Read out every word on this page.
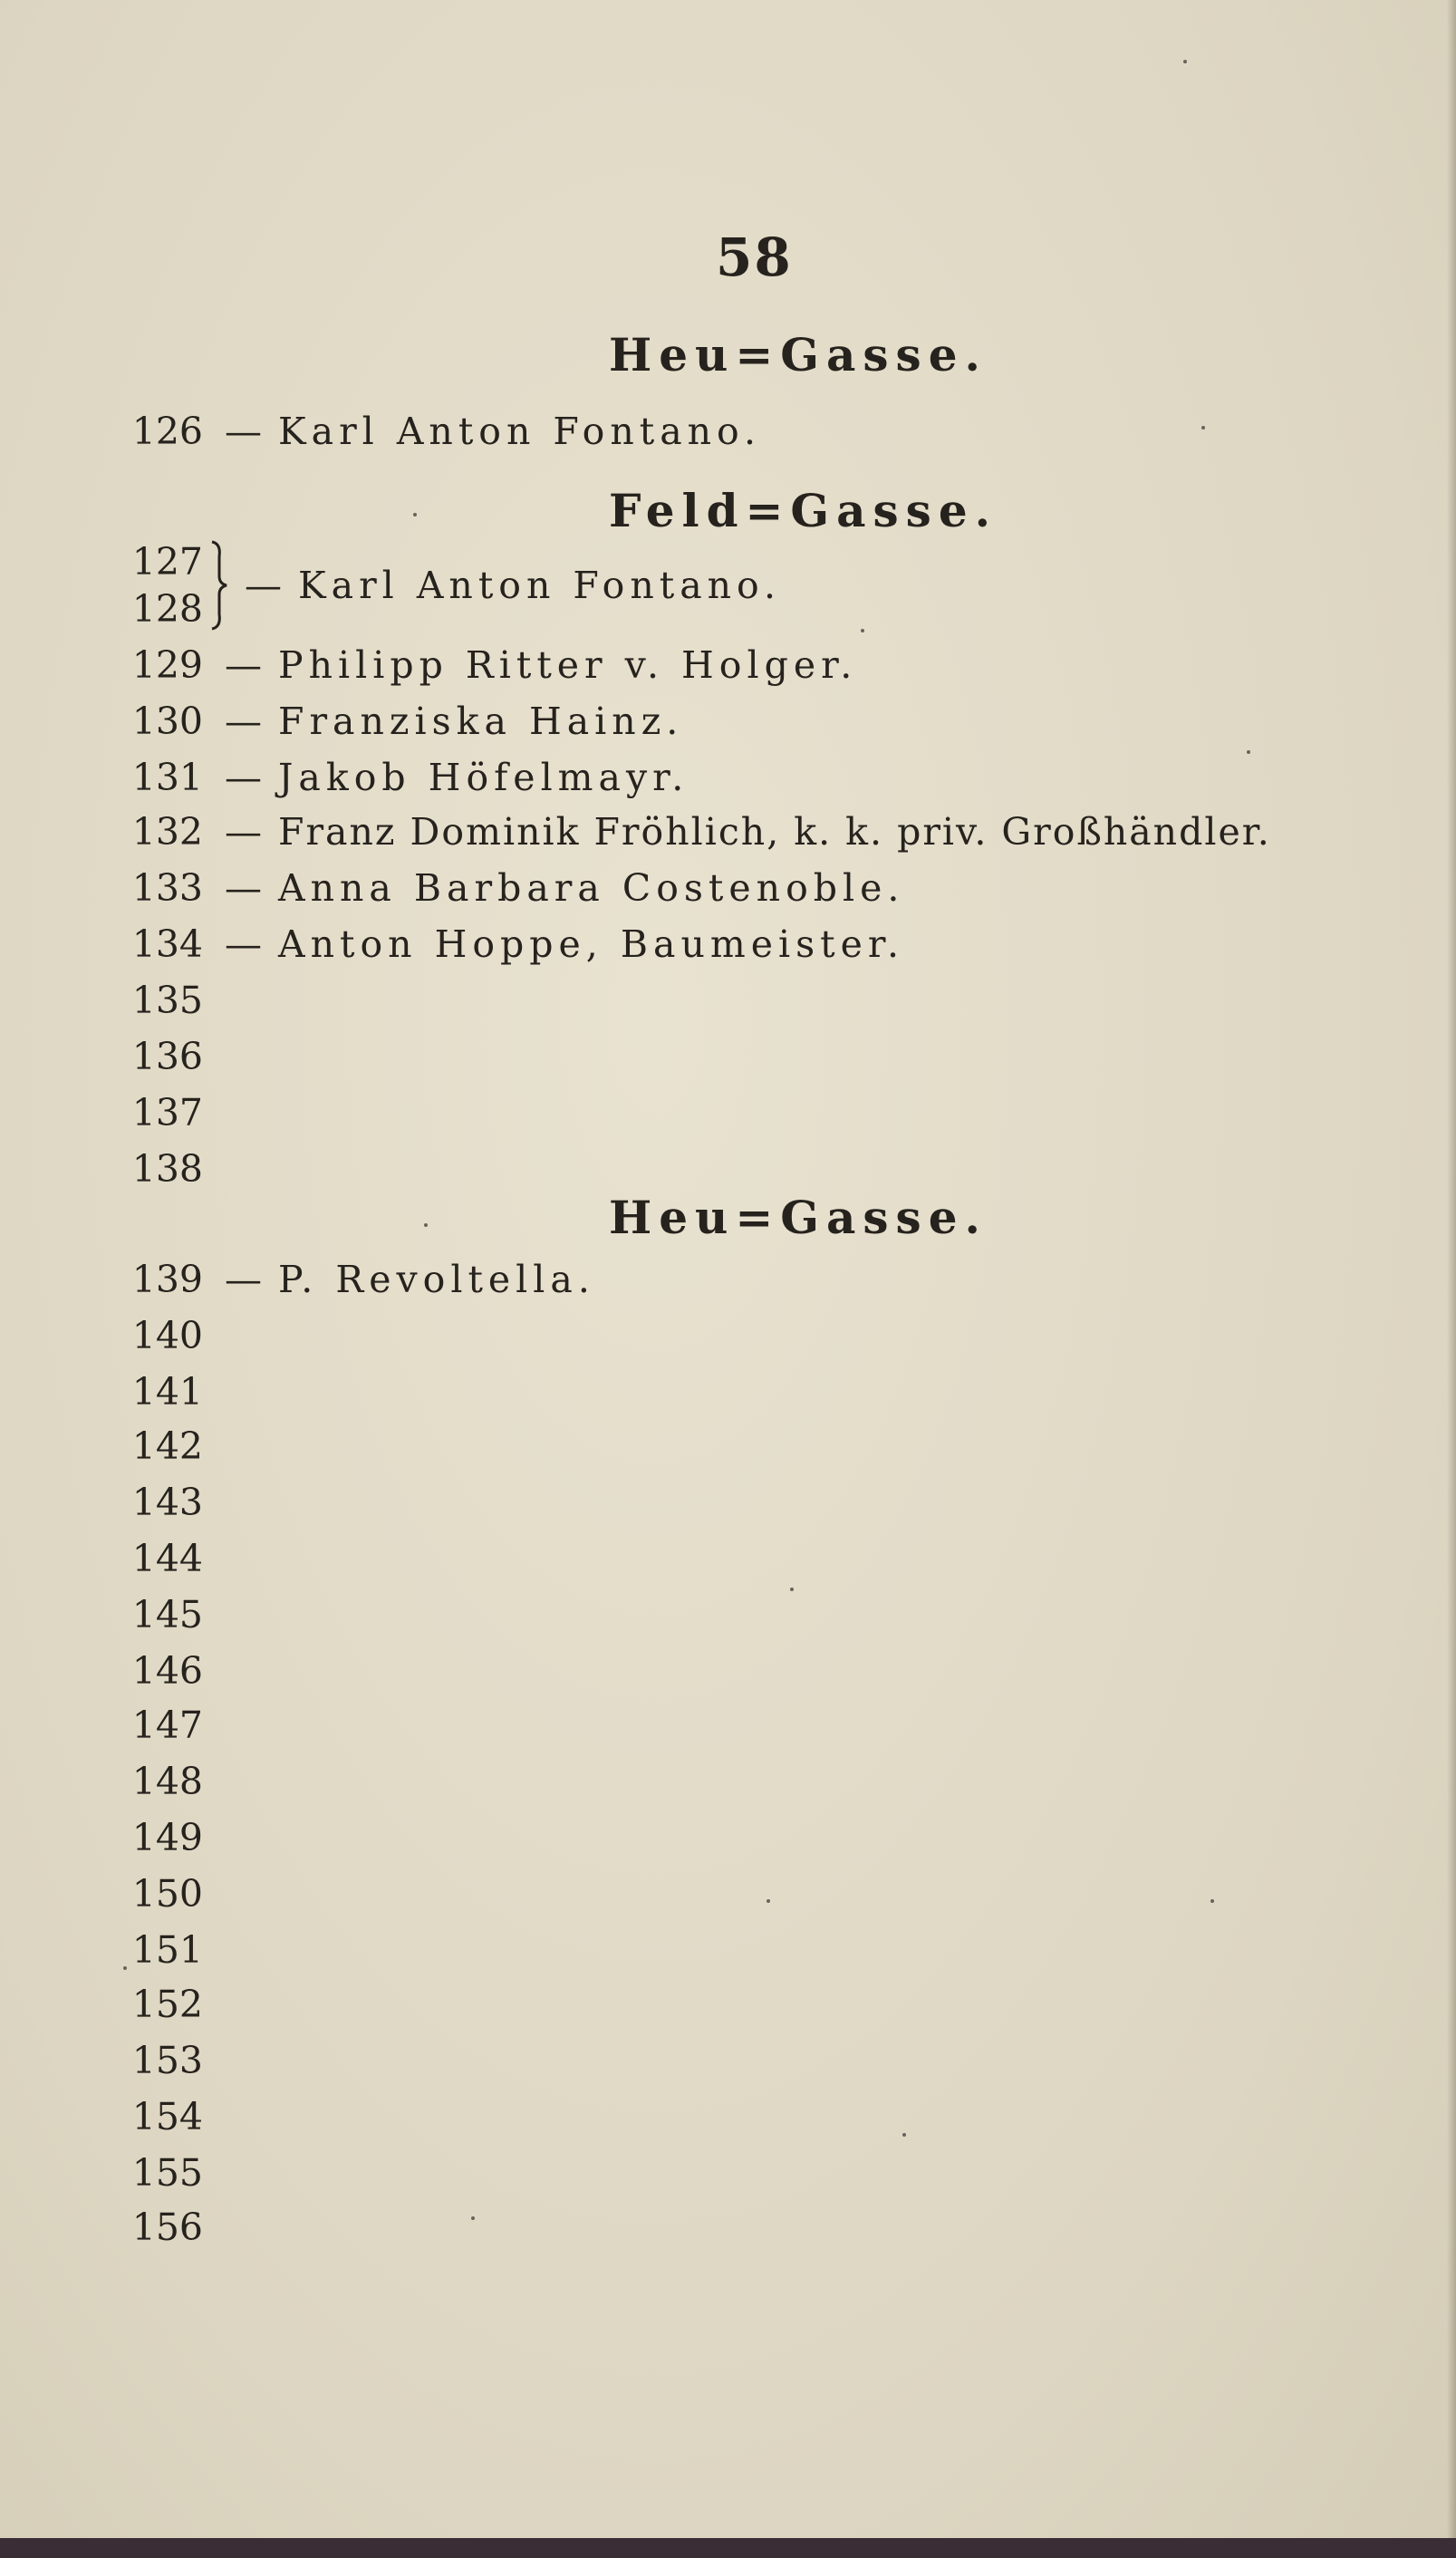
58
Heu=Gasse.
126 — Karl Anton Fontano.
Feld=Gasse.
127
128
— Karl Anton Fontano.
129 — Philipp Ritter v. Holger.
130 — Franziska Hainz.
131 — Jakob Höfelmayr.
132 — Franz Dominik Fröhlich, k. k. priv. Großhändler.
133 — Anna Barbara Costenoble.
134 — Anton Hoppe, Baumeister.
135
136
137
138
Heu=Gasse.
139 — P. Revoltella.
140
141
142
143
144
145
146
147
148
149
150
151
152
153
154
155
156
